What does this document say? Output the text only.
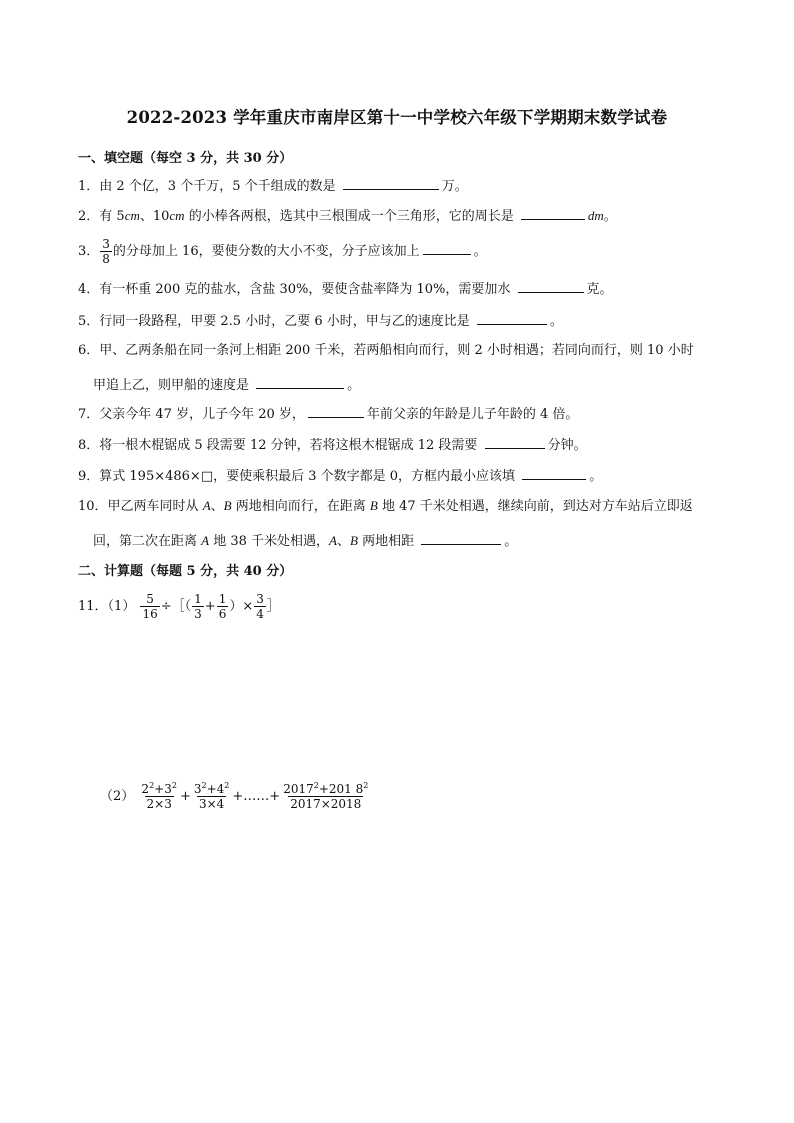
2022-2023 学年重庆市南岸区第十一中学校六年级下学期期末数学试卷
一、填空题（每空 3 分，共 30 分）
1．由 2 个亿，3 个千万，5 个千组成的数是	万。
2．有 5cm、10cm 的小棒各两根，选其中三根围成一个三角形，它的周长是	dm。
3． $\frac{3}{8}$ 的分母加上 16，要使分数的大小不变，分子应该加上	。
4．有一杯重 200 克的盐水，含盐 30%，要使含盐率降为 10%，需要加水	克。
5．行同一段路程，甲要 2.5 小时，乙要 6 小时，甲与乙的速度比是	。
6．甲、乙两条船在同一条河上相距 200 千米，若两船相向而行，则 2 小时相遇；若同向而行，则 10 小时
甲追上乙，则甲船的速度是	。
7．父亲今年 47 岁，儿子今年 20 岁，	年前父亲的年龄是儿子年龄的 4 倍。
8．将一根木棍锯成 5 段需要 12 分钟，若将这根木棍锯成 12 段需要	分钟。
9．算式 195×486×□，要使乘积最后 3 个数字都是 0，方框内最小应该填	。
10．甲乙两车同时从 A、B 两地相向而行，在距离 B 地 47 千米处相遇，继续向前，到达对方车站后立即返
回，第二次在距离 A 地 38 千米处相遇，A、B 两地相距	。
二、计算题（每题 5 分，共 40 分）
11．$(1) \frac{5}{16}$ ÷［（ $\frac{1}{3} + \frac{1}{6}$ ）× $\frac{3}{4}$ ］
$(2) \frac{2^2+3^2}{2\times 3} + \frac{3^2+4^2}{3\times 4}$ +……+ $\frac{2017^2+201 8^2}{2017\times 2018}$
